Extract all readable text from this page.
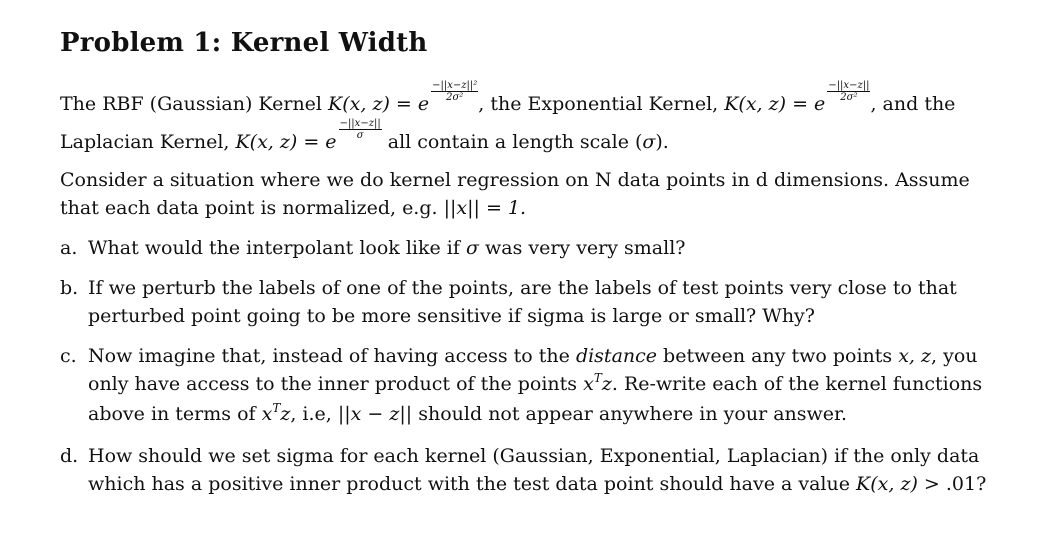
Problem 1: Kernel Width

The RBF (Gaussian) Kernel K(x, z) = e
$\frac{\text{−||x−z||²}}{\text{2σ²}}$
, the Exponential Kernel, K(x, z) = e
$\frac{-||x-z||}{\text{2σ²}}$
, and the Laplacian Kernel, K(x, z) = e
$\frac{-||x-z||}{\sigma}$
all contain a length scale (σ).

Consider a situation where we do kernel regression on N data points in d dimensions. Assume that each data point is normalized, e.g. ||x|| = 1.

a. What would the interpolant look like if σ was very very small?
b. If we perturb the labels of one of the points, are the labels of test points very close to that perturbed point going to be more sensitive if sigma is large or small? Why?
c. Now imagine that, instead of having access to the distance between any two points x, z, you only have access to the inner product of the points $x^Tz$. Re-write each of the kernel functions above in terms of $x^Tz$, i.e, ||x − z|| should not appear anywhere in your answer.
d. How should we set sigma for each kernel (Gaussian, Exponential, Laplacian) if the only data which has a positive inner product with the test data point should have a value K(x, z) > .01?
